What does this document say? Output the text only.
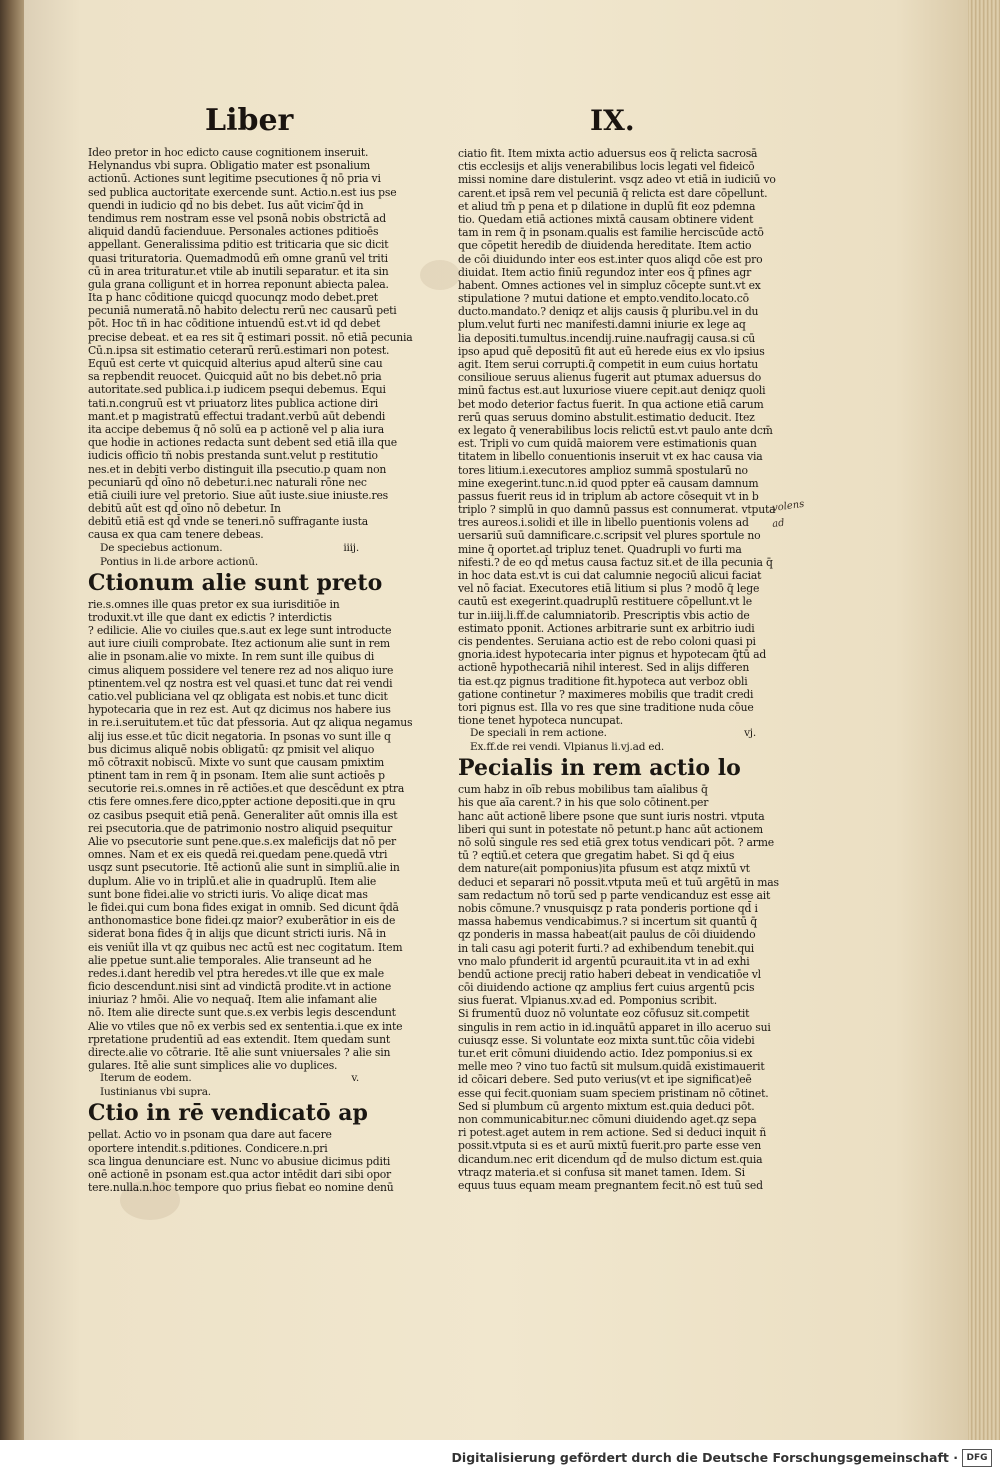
Liber	IX.
Ideo pretor in hoc edicto cause cognitionem inseruit.
Helynandus vbi supra. Obligatio mater est psonalium
actionū. Actiones sunt legitime psecutiones q̄ nō pria vi
sed publica auctoritate exercende sunt. Actio.n.est ius pse
quendi in iudicio qd̄ no bis debet. Ius aūt vicim͂ q̄d in
tendimus rem nostram esse vel psonā nobis obstrictā ad
aliquid dandū facienduue. Personales actiones pditioēs
appellant. Generalissima pditio est triticaria que sic dicit
quasi trituratoria. Quemadmodū em̄ omne granū vel triti
cū in area trituratur.et vtile ab inutili separatur. et ita sin
gula grana colligunt et in horrea reponunt abiecta palea.
Ita p hanc cōditione quicqd quocunqz modo debet.pret
pecuniā numeratā.nō habito delectu rerū nec causarū peti
pōt. Hoc tñ in hac cōditione intuendū est.vt id qd debet
precise debeat. et ea res sit q̄ estimari possit. nō etiā pecunia
Cū.n.ipsa sit estimatio ceterarū rerū.estimari non potest.
Equū est certe vt quicquid alterius apud alterū sine cau
sa repbendit reuocet. Quicquid aūt no bis debet.nō pria
autoritate.sed publica.i.p iudicem psequi debemus. Equi
tati.n.congruū est vt priuatorz lites publica actione diri
mant.et p magistratū effectui tradant.verbū aūt debendi
ita accipe debemus q̄ nō solū ea p actionē vel p alia iura
que hodie in actiones redacta sunt debent sed etiā illa que
iudicis officio tñ nobis prestanda sunt.velut p restitutio
nes.et in debiti verbo distinguit illa psecutio.p quam non
pecuniarū qd̄ oīno nō debetur.i.nec naturali rōne nec
etiā ciuili iure vel pretorio. Siue aūt iuste.siue iniuste.res
debitū aūt est qd̄ oīno nō debetur. In
debitū etiā est qd̄ vnde se teneri.nō suffragante iusta
causa ex qua cam tenere debeas.
iiij.
De speciebus actionum.
Pontius in li.de arbore actionū.
Ctionum alie sunt preto
rie.s.omnes ille quas pretor ex sua iurisditiōe in
troduxit.vt ille que dant ex edictis ? interdictis
? edilicie. Alie vo ciuiles que.s.aut ex lege sunt introducte
aut iure ciuili comprobate. Itez actionum alie sunt in rem
alie in psonam.alie vo mixte. In rem sunt ille quibus di
cimus aliquem possidere vel tenere rez ad nos aliquo iure
ptinentem.vel qz nostra est vel quasi.et tunc dat rei vendi
catio.vel publiciana vel qz obligata est nobis.et tunc dicit
hypotecaria que in rez est. Aut qz dicimus nos habere ius
in re.i.seruitutem.et tūc dat pfessoria. Aut qz aliqua negamus
alij ius esse.et tūc dicit negatoria. In psonas vo sunt ille q
bus dicimus aliquē nobis obligatū: qz pmisit vel aliquo
mō cōtraxit nobiscū. Mixte vo sunt que causam pmixtim
ptinent tam in rem q̄ in psonam. Item alie sunt actioēs p
secutorie rei.s.omnes in rē actiōes.et que descēdunt ex ptra
ctis fere omnes.fere dico,ppter actione depositi.que in qru
oz casibus psequit etiā penā. Generaliter aūt omnis illa est
rei psecutoria.que de patrimonio nostro aliquid psequitur
Alie vo psecutorie sunt pene.que.s.ex maleficijs dat nō per
omnes. Nam et ex eis quedā rei.quedam pene.quedā vtri
usqz sunt psecutorie. Itē actionū alie sunt in simpliū.alie in
duplum. Alie vo in triplū.et alie in quadruplū. Item alie
sunt bone fidei.alie vo stricti iuris. Vo aliqe dicat mas
le fidei.qui cum bona fides exigat in omnib. Sed dicunt q̄dā
anthonomastice bone fidei.qz maior? exuberātior in eis de
siderat bona fides q̄ in alijs que dicunt stricti iuris. Nā in
eis veniūt illa vt qz quibus nec actū est nec cogitatum. Item
alie ppetue sunt.alie temporales. Alie transeunt ad he
redes.i.dant heredib vel ptra heredes.vt ille que ex male
ficio descendunt.nisi sint ad vindictā prodite.vt in actione
iniuriaz ? hmōi. Alie vo nequaq̄. Item alie infamant alie
nō. Item alie directe sunt que.s.ex verbis legis descendunt
Alie vo vtiles que nō ex verbis sed ex sententia.i.que ex inte
rpretatione prudentiū ad eas extendit. Item quedam sunt
directe.alie vo cōtrarie. Itē alie sunt vniuersales ? alie sin
gulares. Itē alie sunt simplices alie vo duplices.
v.
Iterum de eodem.
Iustinianus vbi supra.
Ctio in rē vendicatō ap
pellat. Actio vo in psonam qua dare aut facere
oportere intendit.s.pditiones. Condicere.n.pri
sca lingua denunciare est. Nunc vo abusiue dicimus pditi
onē actionē in psonam est.qua actor intēdit dari sibi opor
tere.nulla.n.hoc tempore quo prius fiebat eo nomine denū
ciatio fit. Item mixta actio aduersus eos q̄ relicta sacrosā
ctis ecclesijs et alijs venerabilibus locis legati vel fideicō
missi nomine dare distulerint. vsqz adeo vt etiā in iudiciū vo
carent.et ipsā rem vel pecuniā q̄ relicta est dare cōpellunt.
et aliud tm̄ p pena et p dilatione in duplū fit eoz pdemna
tio. Quedam etiā actiones mixtā causam obtinere vident
tam in rem q̄ in psonam.qualis est familie herciscūde actō
que cōpetit heredib de diuidenda hereditate. Item actio
de cōi diuidundo inter eos est.inter quos aliqd cōe est pro
diuidat. Item actio finiū regundoz inter eos q̄ pfines agr
habent. Omnes actiones vel in simpluz cōcepte sunt.vt ex
stipulatione ? mutui datione et empto.vendito.locato.cō
ducto.mandato.? deniqz et alijs causis q̄ pluribu.vel in du
plum.velut furti nec manifesti.damni iniurie ex lege aq
lia depositi.tumultus.incendij.ruine.naufragij causa.si cū
ipso apud quē depositū fit aut eū herede eius ex vlo ipsius
agit. Item serui corrupti.q̄ competit in eum cuius hortatu
consilioue seruus alienus fugerit aut ptumax aduersus do
minū factus est.aut luxuriose viuere cepit.aut deniqz quoli
bet modo deterior factus fuerit. In qua actione etiā carum
rerū quas seruus domino abstulit.estimatio deducit. Itez
ex legato q̄ venerabilibus locis relictū est.vt paulo ante dcm̄
est. Tripli vo cum quidā maiorem vere estimationis quan
titatem in libello conuentionis inseruit vt ex hac causa via
tores litium.i.executores amplioz summā spostularū no
mine exegerint.tunc.n.id quod ppter eā causam damnum
passus fuerit reus id in triplum ab actore cōsequit vt in b
triplo ? simplū in quo damnū passus est connumerat. vtputa
tres aureos.i.solidi et ille in libello puentionis volens ad
uersariū suū damnificare.c.scripsit vel plures sportule no
mine q̄ oportet.ad tripluz tenet. Quadrupli vo furti ma
nifesti.? de eo qd̄ metus causa factuz sit.et de illa pecunia q̄
in hoc data est.vt is cui dat calumnie negociū alicui faciat
vel nō faciat. Executores etiā litium si plus ? modō q̄ lege
cautū est exegerint.quadruplū restituere cōpellunt.vt le
tur in.iiij.li.ff.de calumniatorib. Prescriptis vbis actio de
estimato pponit. Actiones arbitrarie sunt ex arbitrio iudi
cis pendentes. Seruiana actio est de rebo coloni quasi pi
gnoria.idest hypotecaria inter pignus et hypotecam q̄tū ad
actionē hypothecariā nihil interest. Sed in alijs differen
tia est.qz pignus traditione fit.hypoteca aut verboz obli
gatione continetur ? maximeres mobilis que tradit credi
tori pignus est. Illa vo res que sine traditione nuda cōue
tione tenet hypoteca nuncupat.
vj.
De speciali in rem actione.
Ex.ff.de rei vendi. Vlpianus li.vj.ad ed.
Pecialis in rem actio lo
cum habz in oīb rebus mobilibus tam aīalibus q̄
his que aīa carent.? in his que solo cōtinent.per
hanc aūt actionē libere psone que sunt iuris nostri. vtputa
liberi qui sunt in potestate nō petunt.p hanc aūt actionem
nō solū singule res sed etiā grex totus vendicari pōt. ? arme
tū ? eqtiū.et cetera que gregatim habet. Si qd q̄ eius
dem nature(ait pomponius)ita pfusum est atqz mixtū vt
deduci et separari nō possit.vtputa meū et tuū argētū in mas
sam redactum nō torū sed p parte vendicanduz est esse ait
nobis cōmune.? vnusquisqz p rata ponderis portione qd̄ i
massa habemus vendicabimus.? si incertum sit quantū q̄
qz ponderis in massa habeat(ait paulus de cōi diuidendo
in tali casu agi poterit furti.? ad exhibendum tenebit.qui
vno malo pfunderit id argentū pcurauit.ita vt in ad exhi
bendū actione precij ratio haberi debeat in vendicatiōe vl
cōi diuidendo actione qz amplius fert cuius argentū pcis
sius fuerat. Vlpianus.xv.ad ed. Pomponius scribit.
Si frumentū duoz nō voluntate eoz cōfusuz sit.competit
singulis in rem actio in id.inquātū apparet in illo aceruo sui
cuiusqz esse. Si voluntate eoz mixta sunt.tūc cōia videbi
tur.et erit cōmuni diuidendo actio. Idez pomponius.si ex
melle meo ? vino tuo factū sit mulsum.quidā existimauerit
id cōicari debere. Sed puto verius(vt et ipe significat)eē
esse qui fecit.quoniam suam speciem pristinam nō cōtinet.
Sed si plumbum cū argento mixtum est.quia deduci pōt.
non communicabitur.nec cōmuni diuidendo aget.qz sepa
ri potest.aget autem in rem actione. Sed si deduci inquit ñ
possit.vtputa si es et aurū mixtū fuerit.pro parte esse ven
dicandum.nec erit dicendum qd̄ de mulso dictum est.quia
vtraqz materia.et si confusa sit manet tamen. Idem. Si
equus tuus equam meam pregnantem fecit.nō est tuū sed
volens
ad
Digitalisierung gefördert durch die Deutsche Forschungsgemeinschaft · DFG
